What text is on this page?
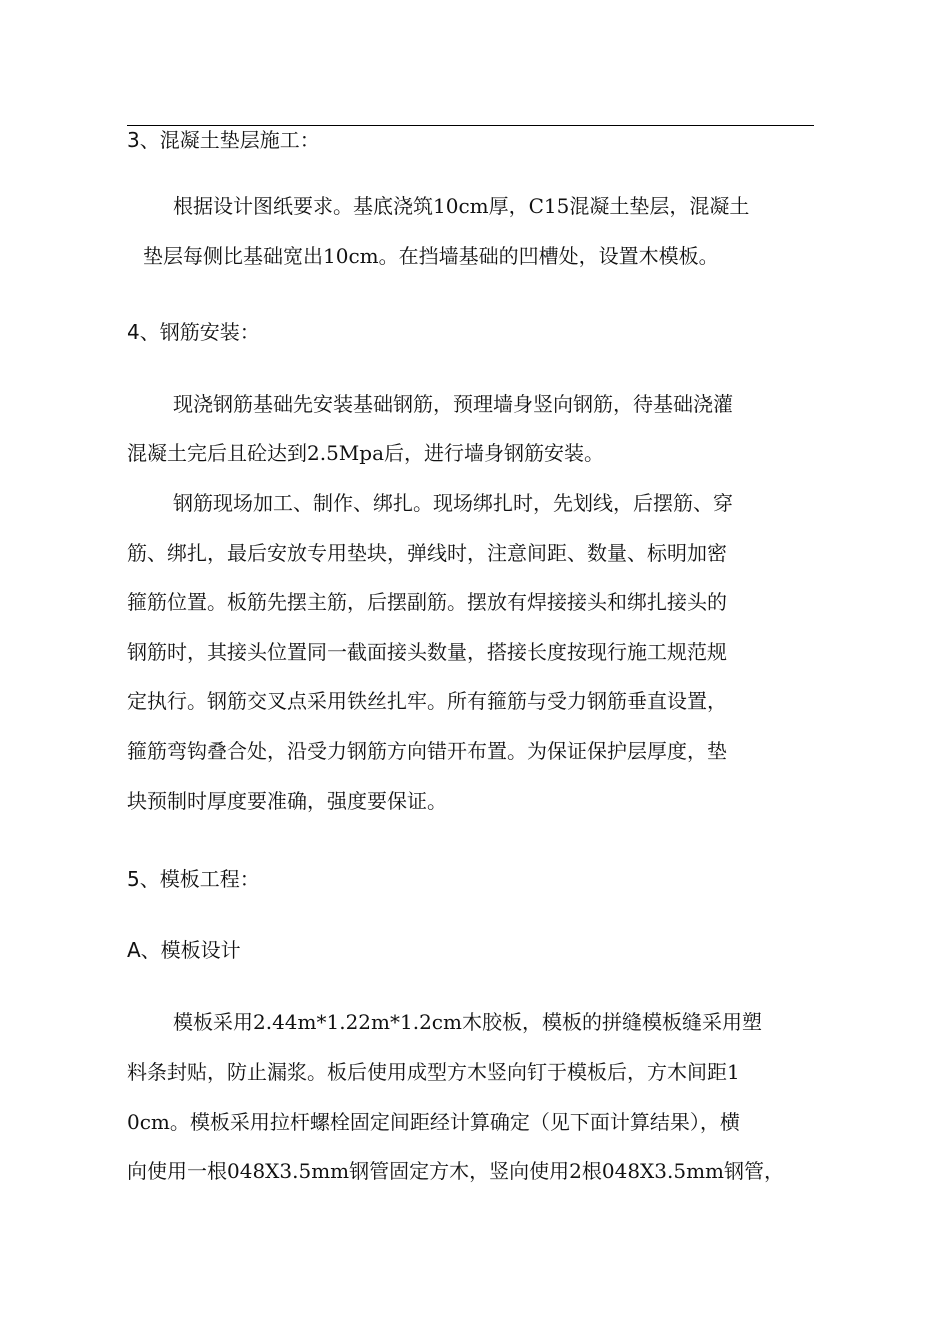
3、混凝土垫层施工：
根据设计图纸要求。基底浇筑10cm厚，C15混凝土垫层，混凝土
垫层每侧比基础宽出10cm。在挡墙基础的凹槽处，设置木模板。
4、钢筋安装：
现浇钢筋基础先安装基础钢筋，预理墙身竖向钢筋，待基础浇灌
混凝土完后且砼达到2.5Mpa后，进行墙身钢筋安装。
钢筋现场加工、制作、绑扎。现场绑扎时，先划线，后摆筋、穿
筋、绑扎，最后安放专用垫块，弹线时，注意间距、数量、标明加密
箍筋位置。板筋先摆主筋，后摆副筋。摆放有焊接接头和绑扎接头的
钢筋时，其接头位置同一截面接头数量，搭接长度按现行施工规范规
定执行。钢筋交叉点采用铁丝扎牢。所有箍筋与受力钢筋垂直设置，
箍筋弯钩叠合处，沿受力钢筋方向错开布置。为保证保护层厚度，垫
块预制时厚度要准确，强度要保证。
5、模板工程：
A、模板设计
模板采用2.44m*1.22m*1.2cm木胶板，模板的拼缝模板缝采用塑
料条封贴，防止漏浆。板后使用成型方木竖向钉于模板后，方木间距1
0cm。模板采用拉杆螺栓固定间距经计算确定（见下面计算结果），横
向使用一根048X3.5mm钢管固定方木，竖向使用2根048X3.5mm钢管，
